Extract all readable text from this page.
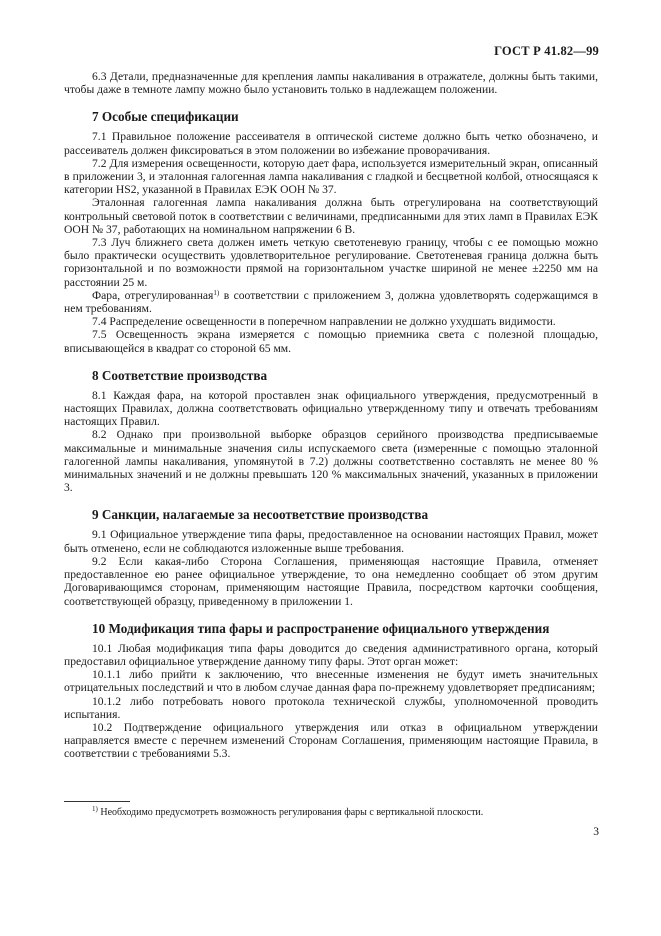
ГОСТ Р 41.82—99

6.3 Детали, предназначенные для крепления лампы накаливания в отражателе, должны быть такими, чтобы даже в темноте лампу можно было установить только в надлежащем положении.

7 Особые спецификации

7.1 Правильное положение рассеивателя в оптической системе должно быть четко обозначено, и рассеиватель должен фиксироваться в этом положении во избежание проворачивания.

7.2 Для измерения освещенности, которую дает фара, используется измерительный экран, описанный в приложении 3, и эталонная галогенная лампа накаливания с гладкой и бесцветной колбой, относящаяся к категории HS2, указанной в Правилах ЕЭК ООН № 37.

Эталонная галогенная лампа накаливания должна быть отрегулирована на соответствующий контрольный световой поток в соответствии с величинами, предписанными для этих ламп в Правилах ЕЭК ООН № 37, работающих на номинальном напряжении 6 В.

7.3 Луч ближнего света должен иметь четкую светотеневую границу, чтобы с ее помощью можно было практически осуществить удовлетворительное регулирование. Светотеневая граница должна быть горизонтальной и по возможности прямой на горизонтальном участке шириной не менее ±2250 мм на расстоянии 25 м.

Фара, отрегулированная$^{1)}$ в соответствии с приложением 3, должна удовлетворять содержащимся в нем требованиям.

7.4 Распределение освещенности в поперечном направлении не должно ухудшать видимости.

7.5 Освещенность экрана измеряется с помощью приемника света с полезной площадью, вписывающейся в квадрат со стороной 65 мм.

8 Соответствие производства

8.1 Каждая фара, на которой проставлен знак официального утверждения, предусмотренный в настоящих Правилах, должна соответствовать официально утвержденному типу и отвечать требованиям настоящих Правил.

8.2 Однако при произвольной выборке образцов серийного производства предписываемые максимальные и минимальные значения силы испускаемого света (измеренные с помощью эталонной галогенной лампы накаливания, упомянутой в 7.2) должны соответственно составлять не менее 80 % минимальных значений и не должны превышать 120 % максимальных значений, указанных в приложении 3.

9 Санкции, налагаемые за несоответствие производства

9.1 Официальное утверждение типа фары, предоставленное на основании настоящих Правил, может быть отменено, если не соблюдаются изложенные выше требования.

9.2 Если какая-либо Сторона Соглашения, применяющая настоящие Правила, отменяет предоставленное ею ранее официальное утверждение, то она немедленно сообщает об этом другим Договаривающимся сторонам, применяющим настоящие Правила, посредством карточки сообщения, соответствующей образцу, приведенному в приложении 1.

10 Модификация типа фары и распространение официального утверждения

10.1 Любая модификация типа фары доводится до сведения административного органа, который предоставил официальное утверждение данному типу фары. Этот орган может:

10.1.1 либо прийти к заключению, что внесенные изменения не будут иметь значительных отрицательных последствий и что в любом случае данная фара по-прежнему удовлетворяет предписаниям;

10.1.2 либо потребовать нового протокола технической службы, уполномоченной проводить испытания.

10.2 Подтверждение официального утверждения или отказ в официальном утверждении направляется вместе с перечнем изменений Сторонам Соглашения, применяющим настоящие Правила, в соответствии с требованиями 5.3.

$^{1)}$ Необходимо предусмотреть возможность регулирования фары с вертикальной плоскости.
3
